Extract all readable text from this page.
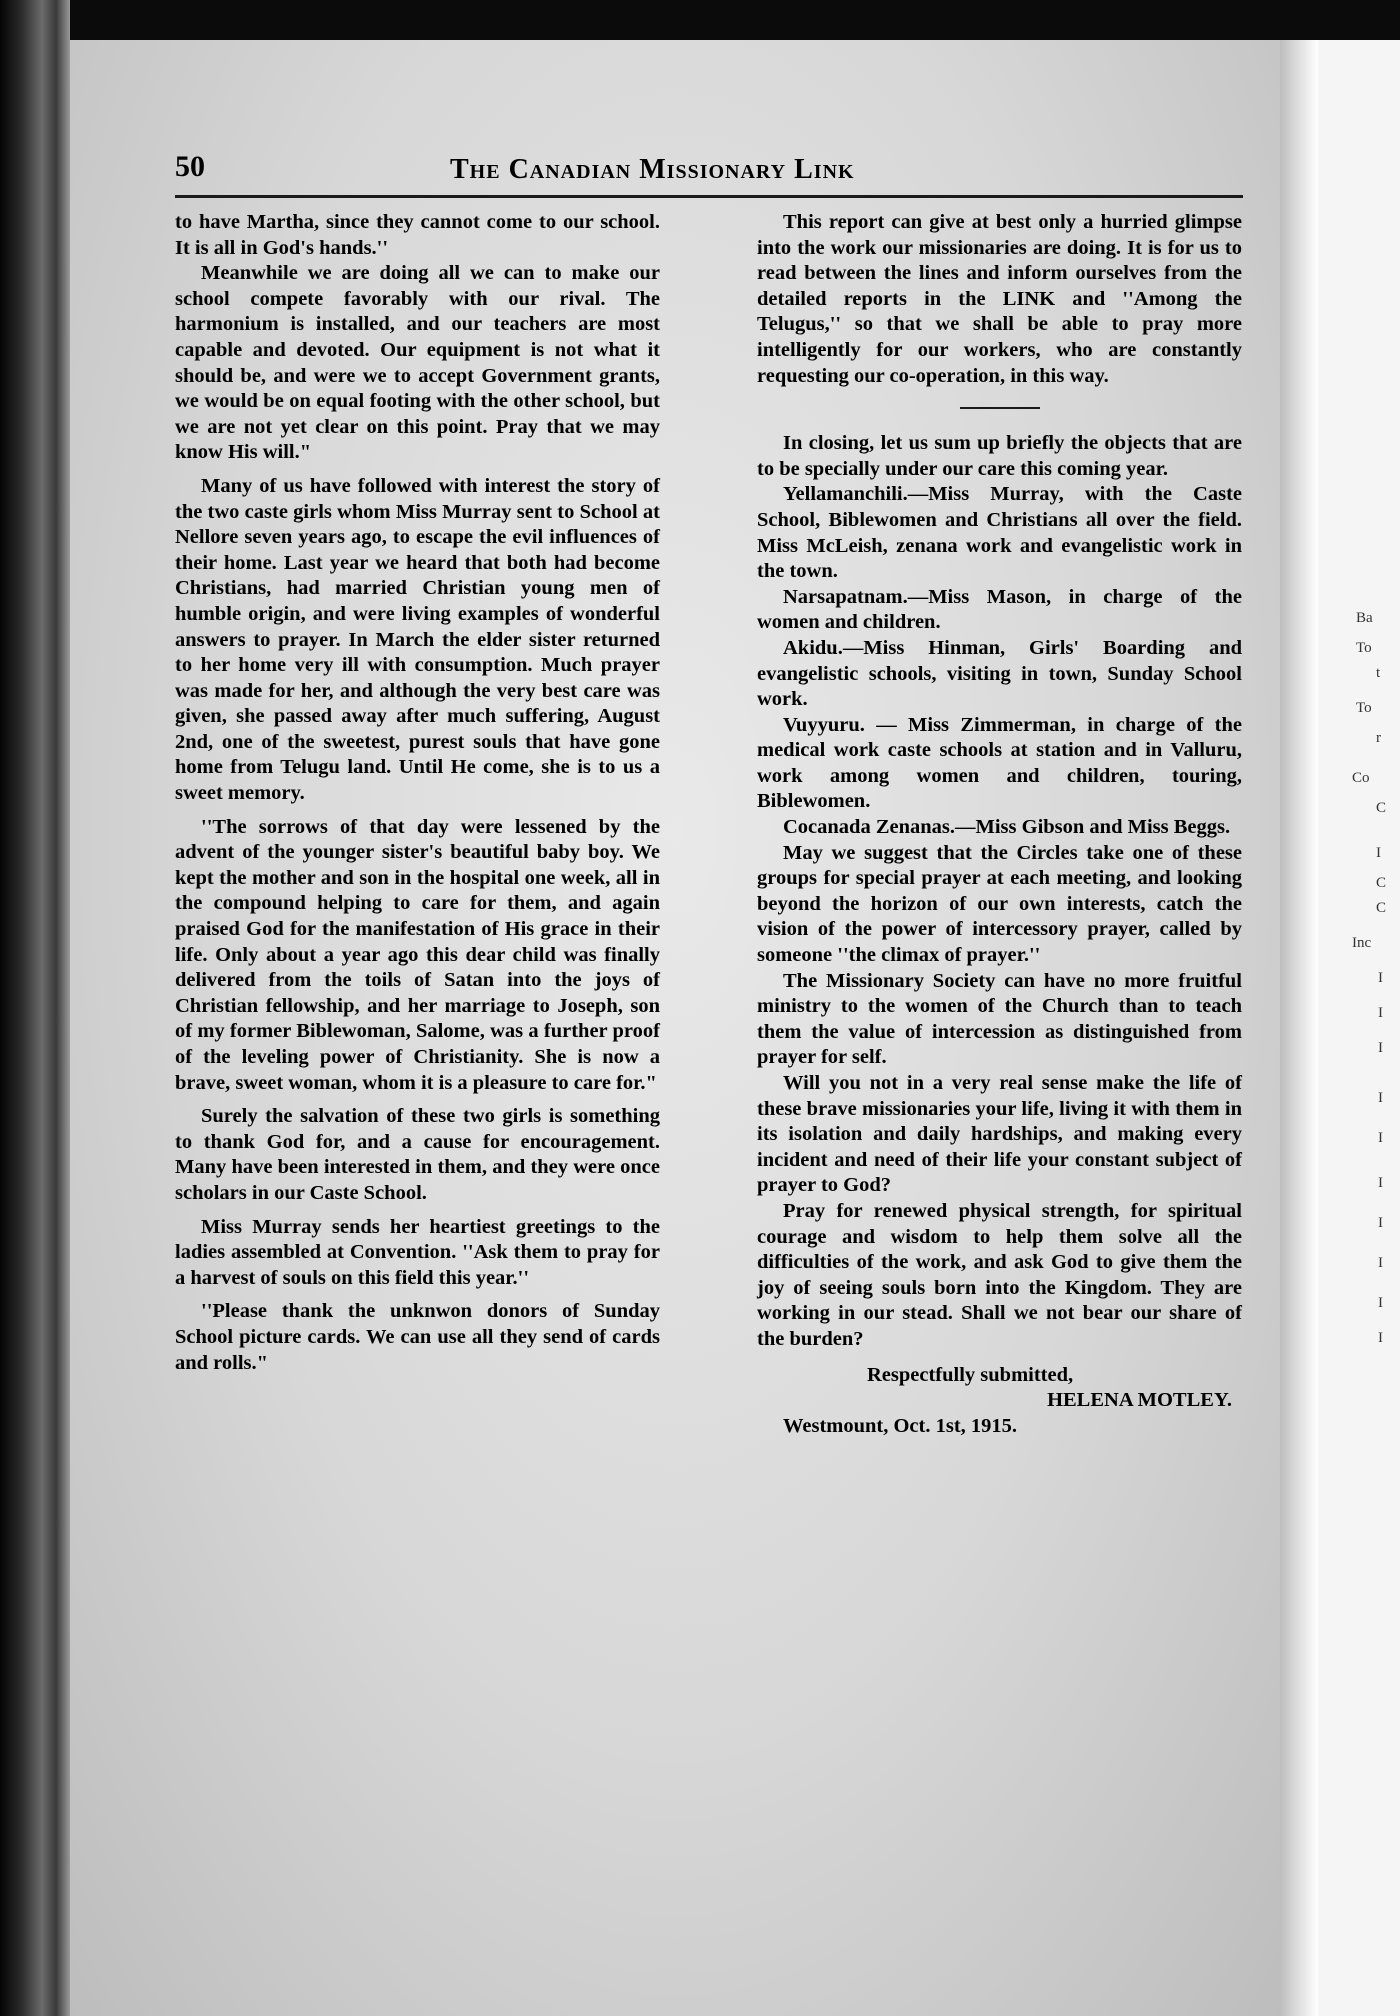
Ba
To
t
To
r
Co
C
I
C
C
Inc
I
I
I
I
I
I
I
I
I
I
50	The Canadian Missionary Link

to have Martha, since they cannot come to our school. It is all in God's hands.''

Meanwhile we are doing all we can to make our school compete favorably with our rival. The harmonium is installed, and our teachers are most capable and devoted. Our equipment is not what it should be, and were we to accept Government grants, we would be on equal footing with the other school, but we are not yet clear on this point. Pray that we may know His will."

Many of us have followed with interest the story of the two caste girls whom Miss Murray sent to School at Nellore seven years ago, to escape the evil influences of their home. Last year we heard that both had become Christians, had married Christian young men of humble origin, and were living examples of wonderful answers to prayer. In March the elder sister returned to her home very ill with consumption. Much prayer was made for her, and although the very best care was given, she passed away after much suffering, August 2nd, one of the sweetest, purest souls that have gone home from Telugu land. Until He come, she is to us a sweet memory.

''The sorrows of that day were lessened by the advent of the younger sister's beautiful baby boy. We kept the mother and son in the hospital one week, all in the compound helping to care for them, and again praised God for the manifestation of His grace in their life. Only about a year ago this dear child was finally delivered from the toils of Satan into the joys of Christian fellowship, and her marriage to Joseph, son of my former Biblewoman, Salome, was a further proof of the leveling power of Christianity. She is now a brave, sweet woman, whom it is a pleasure to care for."

Surely the salvation of these two girls is something to thank God for, and a cause for encouragement. Many have been interested in them, and they were once scholars in our Caste School.

Miss Murray sends her heartiest greetings to the ladies assembled at Convention. ''Ask them to pray for a harvest of souls on this field this year.''

''Please thank the unknwon donors of Sunday School picture cards. We can use all they send of cards and rolls."

This report can give at best only a hurried glimpse into the work our missionaries are doing. It is for us to read between the lines and inform ourselves from the detailed reports in the LINK and ''Among the Telugus,'' so that we shall be able to pray more intelligently for our workers, who are constantly requesting our co-operation, in this way.

In closing, let us sum up briefly the objects that are to be specially under our care this coming year.

Yellamanchili.—Miss Murray, with the Caste School, Biblewomen and Christians all over the field. Miss McLeish, zenana work and evangelistic work in the town.

Narsapatnam.—Miss Mason, in charge of the women and children.

Akidu.—Miss Hinman, Girls' Boarding and evangelistic schools, visiting in town, Sunday School work.

Vuyyuru. — Miss Zimmerman, in charge of the medical work caste schools at station and in Valluru, work among women and children, touring, Biblewomen.

Cocanada Zenanas.—Miss Gibson and Miss Beggs.

May we suggest that the Circles take one of these groups for special prayer at each meeting, and looking beyond the horizon of our own interests, catch the vision of the power of intercessory prayer, called by someone ''the climax of prayer.''

The Missionary Society can have no more fruitful ministry to the women of the Church than to teach them the value of intercession as distinguished from prayer for self.

Will you not in a very real sense make the life of these brave missionaries your life, living it with them in its isolation and daily hardships, and making every incident and need of their life your constant subject of prayer to God?

Pray for renewed physical strength, for spiritual courage and wisdom to help them solve all the difficulties of the work, and ask God to give them the joy of seeing souls born into the Kingdom. They are working in our stead. Shall we not bear our share of the burden?

Respectfully submitted,

HELENA MOTLEY.

Westmount, Oct. 1st, 1915.
